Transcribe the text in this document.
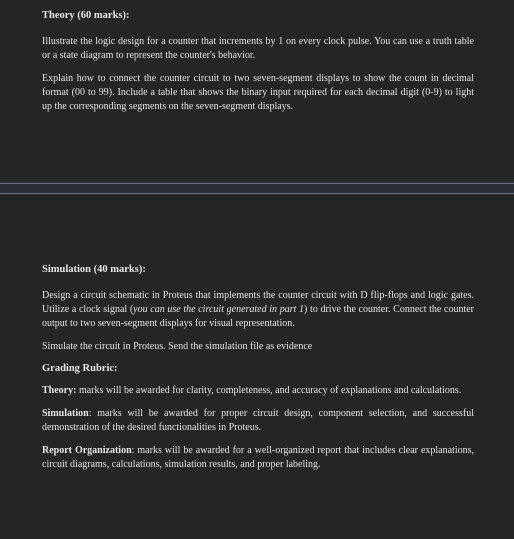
Theory (60 marks):

Illustrate the logic design for a counter that increments by 1 on every clock pulse. You can use a truth table or a state diagram to represent the counter's behavior.

Explain how to connect the counter circuit to two seven-segment displays to show the count in decimal format (00 to 99). Include a table that shows the binary input required for each decimal digit (0-9) to light up the corresponding segments on the seven-segment displays.

Simulation (40 marks):

Design a circuit schematic in Proteus that implements the counter circuit with D flip-flops and logic gates. Utilize a clock signal (you can use the circuit generated in part 1) to drive the counter. Connect the counter output to two seven-segment displays for visual representation.

Simulate the circuit in Proteus. Send the simulation file as evidence

Grading Rubric:

Theory: marks will be awarded for clarity, completeness, and accuracy of explanations and calculations.

Simulation: marks will be awarded for proper circuit design, component selection, and successful demonstration of the desired functionalities in Proteus.

Report Organization: marks will be awarded for a well-organized report that includes clear explanations, circuit diagrams, calculations, simulation results, and proper labeling.
